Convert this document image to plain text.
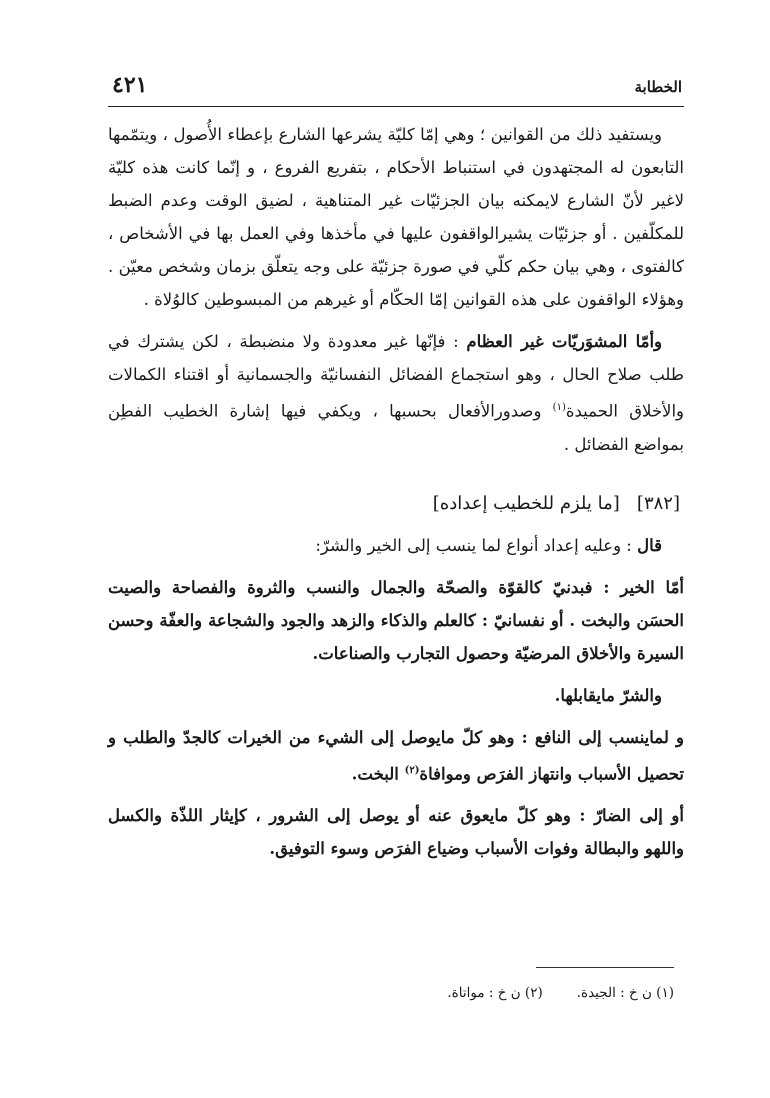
الخطابة
٤٢١

ويستفيد ذلك من القوانين ؛ وهي إمّا كليّة يشرعها الشارع بإعطاء الأُصول ، ويتمّمها التابعون له المجتهدون في استنباط الأحكام ، بتفريع الفروع ، و إنّما كانت هذه كليّة لاغير لأنّ الشارع لايمكنه بيان الجزئيّات غير المتناهية ، لضيق الوقت وعدم الضبط للمكلّفين . أو جزئيّات يشيرالواقفون عليها في مأخذها وفي العمل بها في الأشخاص ، كالفتوى ، وهي بيان حكم كلّي في صورة جزئيّة على وجه يتعلّق بزمان وشخص معيّن . وهؤلاء الواقفون على هذه القوانين إمّا الحكّام أو غيرهم من المبسوطين كالوُلاة .

وأمّا المشوَريّات غير العظام : فإنّها غير معدودة ولا منضبطة ، لكن يشترك في طلب صلاح الحال ، وهو استجماع الفضائل النفسانيّة والجسمانية أو اقتناء الكمالات والأخلاق الحميدة$^{(١)}$ وصدورالأفعال بحسبها ، ويكفي فيها إشارة الخطيب الفطِن بمواضع الفضائل .

[٣٨٢]   [ما يلزم للخطيب إعداده]

قال : وعليه إعداد أنواع لما ينسب إلى الخير والشرّ:

أمّا الخير : فبدنيّ كالقوّة والصحّة والجمال والنسب والثروة والفصاحة والصيت الحسَن والبخت . أو نفسانيّ : كالعلم والذكاء والزهد والجود والشجاعة والعفّة وحسن السيرة والأخلاق المرضيّة وحصول التجارب والصناعات.

والشرّ مايقابلها.

و لماينسب إلى النافع : وهو كلّ مايوصل إلى الشيء من الخيرات كالجدّ والطلب و تحصيل الأسباب وانتهاز الفرَص وموافاة$^{(٢)}$ البخت.

أو إلى الضارّ : وهو كلّ مايعوق عنه أو يوصل إلى الشرور ، كإيثار اللذّة والكسل واللهو والبطالة وفوات الأسباب وضياع الفرَص وسوء التوفيق.

(١) ن خ : الجيدة.
(٢) ن خ : مواتاة.
